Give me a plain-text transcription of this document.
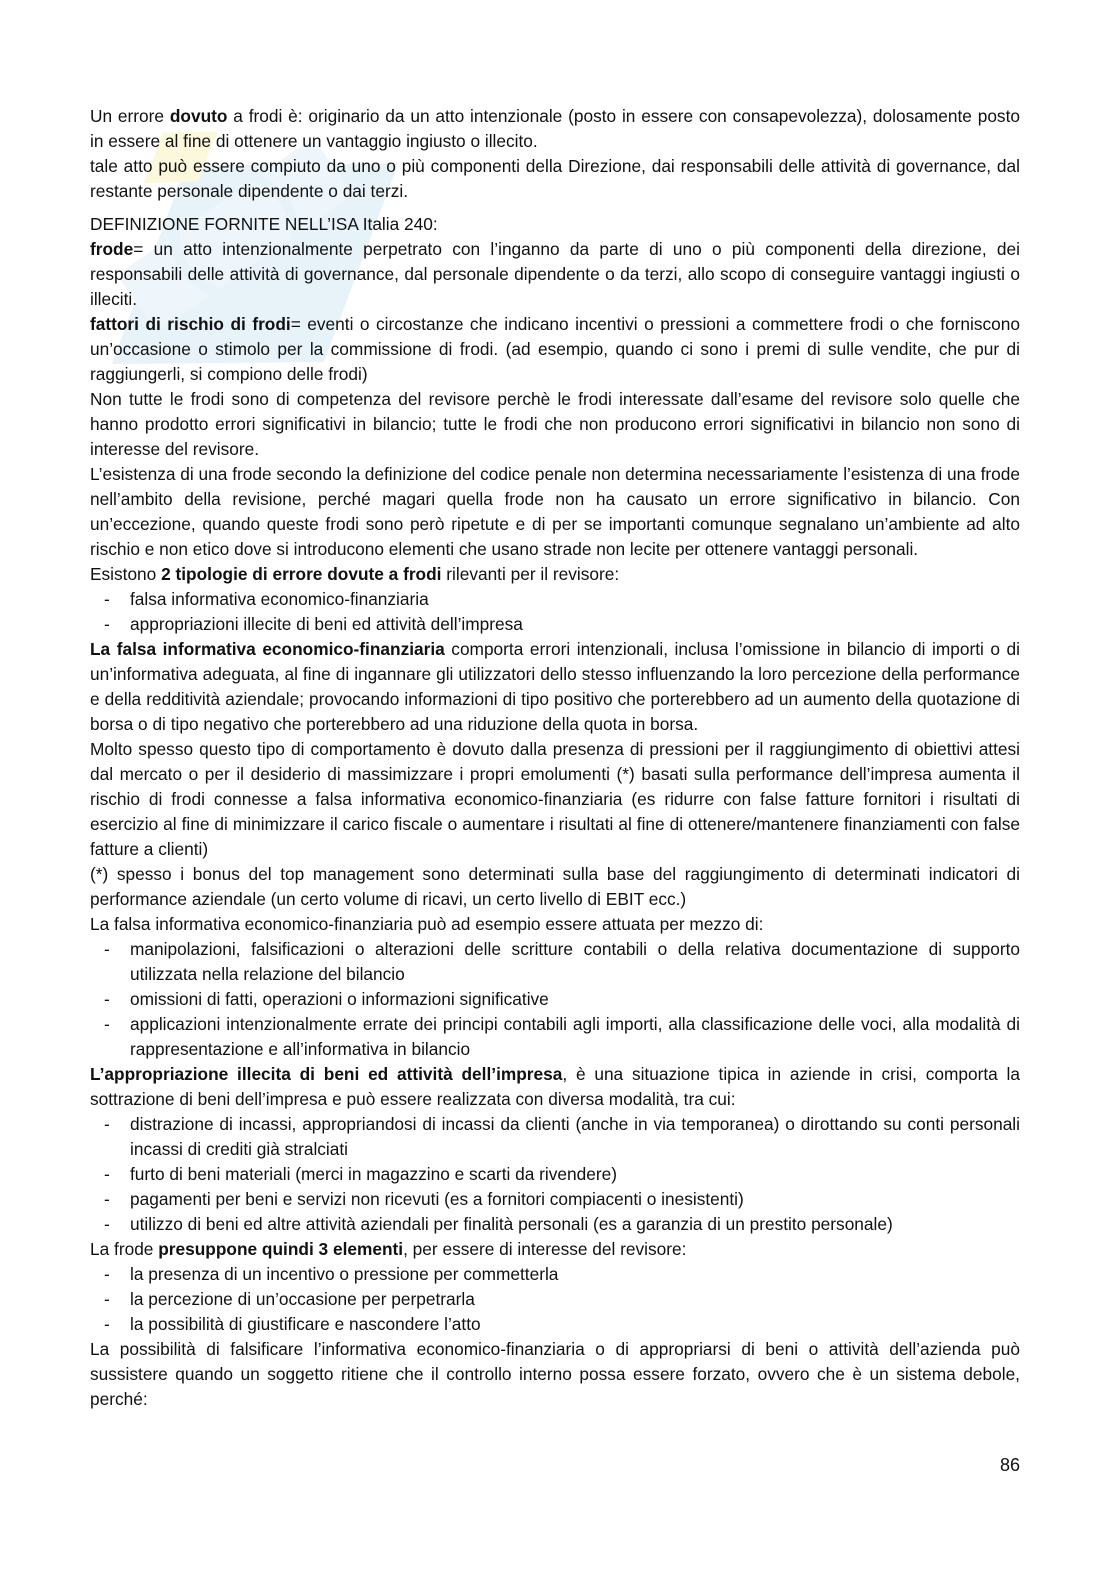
Un errore dovuto a frodi è: originario da un atto intenzionale (posto in essere con consapevolezza), dolosamente posto in essere al fine di ottenere un vantaggio ingiusto o illecito.

tale atto può essere compiuto da uno o più componenti della Direzione, dai responsabili delle attività di governance, dal restante personale dipendente o dai terzi.

DEFINIZIONE FORNITE NELL’ISA Italia 240:

frode= un atto intenzionalmente perpetrato con l’inganno da parte di uno o più componenti della direzione, dei responsabili delle attività di governance, dal personale dipendente o da terzi, allo scopo di conseguire vantaggi ingiusti o illeciti.

fattori di rischio di frodi= eventi o circostanze che indicano incentivi o pressioni a commettere frodi o che forniscono un’occasione o stimolo per la commissione di frodi. (ad esempio, quando ci sono i premi di sulle vendite, che pur di raggiungerli, si compiono delle frodi)

Non tutte le frodi sono di competenza del revisore perchè le frodi interessate dall’esame del revisore solo quelle che hanno prodotto errori significativi in bilancio; tutte le frodi che non producono errori significativi in bilancio non sono di interesse del revisore.

L’esistenza di una frode secondo la definizione del codice penale non determina necessariamente l’esistenza di una frode nell’ambito della revisione, perché magari quella frode non ha causato un errore significativo in bilancio. Con un’eccezione, quando queste frodi sono però ripetute e di per se importanti comunque segnalano un’ambiente ad alto rischio e non etico dove si introducono elementi che usano strade non lecite per ottenere vantaggi personali.

Esistono 2 tipologie di errore dovute a frodi rilevanti per il revisore:

- falsa informativa economico-finanziaria
- appropriazioni illecite di beni ed attività dell’impresa

La falsa informativa economico-finanziaria comporta errori intenzionali, inclusa l’omissione in bilancio di importi o di un’informativa adeguata, al fine di ingannare gli utilizzatori dello stesso influenzando la loro percezione della performance e della redditività aziendale; provocando informazioni di tipo positivo che porterebbero ad un aumento della quotazione di borsa o di tipo negativo che porterebbero ad una riduzione della quota in borsa.

Molto spesso questo tipo di comportamento è dovuto dalla presenza di pressioni per il raggiungimento di obiettivi attesi dal mercato o per il desiderio di massimizzare i propri emolumenti (*) basati sulla performance dell’impresa aumenta il rischio di frodi connesse a falsa informativa economico-finanziaria (es ridurre con false fatture fornitori i risultati di esercizio al fine di minimizzare il carico fiscale o aumentare i risultati al fine di ottenere/mantenere finanziamenti con false fatture a clienti)

(*) spesso i bonus del top management sono determinati sulla base del raggiungimento di determinati indicatori di performance aziendale (un certo volume di ricavi, un certo livello di EBIT ecc.)

La falsa informativa economico-finanziaria può ad esempio essere attuata per mezzo di:

- manipolazioni, falsificazioni o alterazioni delle scritture contabili o della relativa documentazione di supporto utilizzata nella relazione del bilancio
- omissioni di fatti, operazioni o informazioni significative
- applicazioni intenzionalmente errate dei principi contabili agli importi, alla classificazione delle voci, alla modalità di rappresentazione e all’informativa in bilancio

L’appropriazione illecita di beni ed attività dell’impresa, è una situazione tipica in aziende in crisi, comporta la sottrazione di beni dell’impresa e può essere realizzata con diversa modalità, tra cui:

- distrazione di incassi, appropriandosi di incassi da clienti (anche in via temporanea) o dirottando su conti personali incassi di crediti già stralciati
- furto di beni materiali (merci in magazzino e scarti da rivendere)
- pagamenti per beni e servizi non ricevuti (es a fornitori compiacenti o inesistenti)
- utilizzo di beni ed altre attività aziendali per finalità personali (es a garanzia di un prestito personale)

La frode presuppone quindi 3 elementi, per essere di interesse del revisore:

- la presenza di un incentivo o pressione per commetterla
- la percezione di un’occasione per perpetrarla
- la possibilità di giustificare e nascondere l’atto

La possibilità di falsificare l’informativa economico-finanziaria o di appropriarsi di beni o attività dell’azienda può sussistere quando un soggetto ritiene che il controllo interno possa essere forzato, ovvero che è un sistema debole, perché:

86
